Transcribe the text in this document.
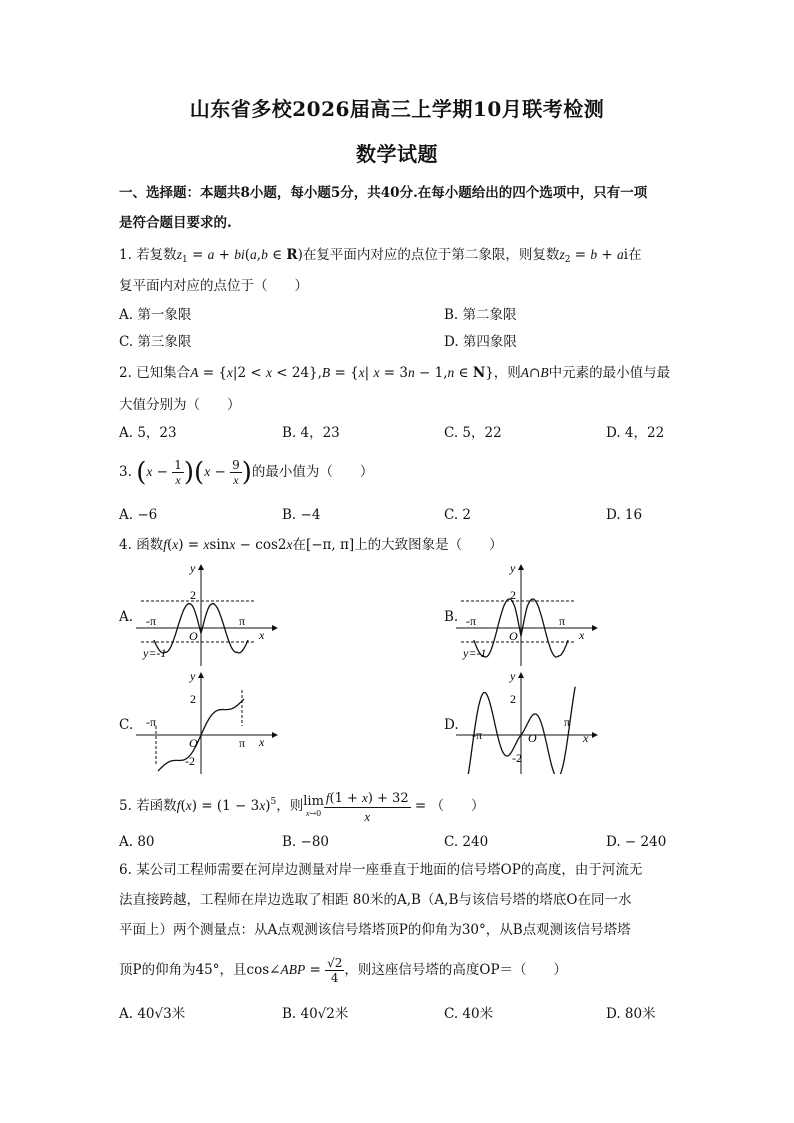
山东省多校2026届高三上学期10月联考检测
数学试题
一、选择题：本题共8小题，每小题5分，共40分.在每小题给出的四个选项中，只有一项
是符合题目要求的.
1. 若复数$z_1 = a + bi(a,b$ ∈ R)在复平面内对应的点位于第二象限，则复数$z_2 = b$ + ai在
复平面内对应的点位于（　　）
A. 第一象限	B. 第二象限
C. 第三象限	D. 第四象限
2. 已知集合A = {x|2 < x < 24},B = {x| x = 3n − 1,n ∈ N}，则A∩B中元素的最小值与最
大值分别为（　　）
A. 5，23	B. 4，23	C. 5，22	D. 4，22
3. $(x - \frac{1}{x} )(x - \frac{9}{x}$ )的最小值为（　　）
A. −6	B. −4	C. 2	D. 16
4. 函数f(x) = xsinx − cos2x在[−π, π]上的大致图象是（　　）
A.
y
2
-π	π
O	x
y=-1
B.
y
2
-π	π
O	x
y=-1
C.
y
2
-π
π
O	x
-2
D.
y
2
-π
π
O	x
-2
5. 若函数$f(x) = (1 - 3x)^5$，则 lim
$x\to 0 \frac{f(1 + x) + 32}{x}$ = （　　）
A. 80	B. −80	C. 240	D. − 240
6. 某公司工程师需要在河岸边测量对岸一座垂直于地面的信号塔OP的高度，由于河流无
法直接跨越，工程师在岸边选取了相距 80米的A,B（A,B与该信号塔的塔底O在同一水
平面上）两个测量点：从A点观测该信号塔塔顶P的仰角为30°，从B点观测该信号塔塔
顶P的仰角为45°，且cos∠ABP = $\frac{√2}{4}$ ，则这座信号塔的高度OP＝（　　）
A. 40√3米	B. 40√2米	C. 40米	D. 80米
